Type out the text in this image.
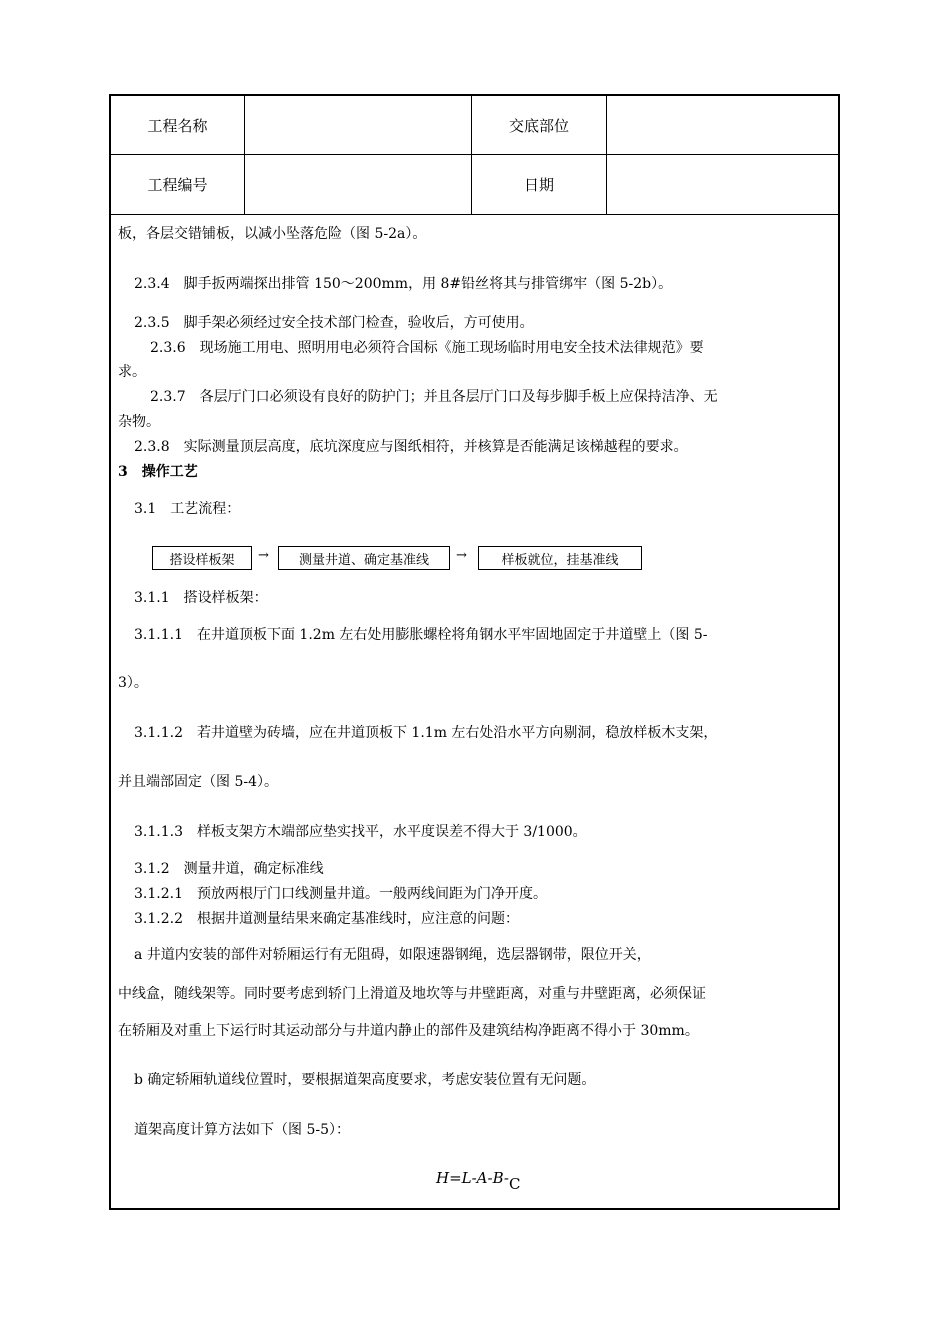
工程名称	交底部位
工程编号	日期
板，各层交错铺板，以减小坠落危险（图 5-2a）。
2.3.4　脚手扳两端探出排管 150～200mm，用 8#铅丝将其与排管绑牢（图 5-2b）。
2.3.5　脚手架必须经过安全技术部门检查，验收后，方可使用。
2.3.6　现场施工用电、照明用电必须符合国标《施工现场临时用电安全技术法律规范》要
求。
2.3.7　各层厅门口必须设有良好的防护门；并且各层厅门口及每步脚手板上应保持洁净、无
杂物。
2.3.8　实际测量顶层高度，底坑深度应与图纸相符，并核算是否能满足该梯越程的要求。
3　操作工艺
3.1　工艺流程：
搭设样板架	→	测量井道、确定基准线	→	样板就位，挂基准线
3.1.1　搭设样板架：
3.1.1.1　在井道顶板下面 1.2m 左右处用膨胀螺栓将角钢水平牢固地固定于井道壁上（图 5-
3）。
3.1.1.2　若井道壁为砖墙，应在井道顶板下 1.1m 左右处沿水平方向剔洞，稳放样板木支架，
并且端部固定（图 5-4）。
3.1.1.3　样板支架方木端部应垫实找平，水平度误差不得大于 3/1000。
3.1.2　测量井道，确定标准线
3.1.2.1　预放两根厅门口线测量井道。一般两线间距为门净开度。
3.1.2.2　根据井道测量结果来确定基准线时，应注意的问题：
a 井道内安装的部件对轿厢运行有无阻碍，如限速器钢绳，选层器钢带，限位开关，
中线盒，随线架等。同时要考虑到轿门上滑道及地坎等与井壁距离，对重与井壁距离，必须保证
在轿厢及对重上下运行时其运动部分与井道内静止的部件及建筑结构净距离不得小于 30mm。
b 确定轿厢轨道线位置时，要根据道架高度要求，考虑安装位置有无问题。
道架高度计算方法如下（图 5-5）：
$H=L-A-B-_C$
